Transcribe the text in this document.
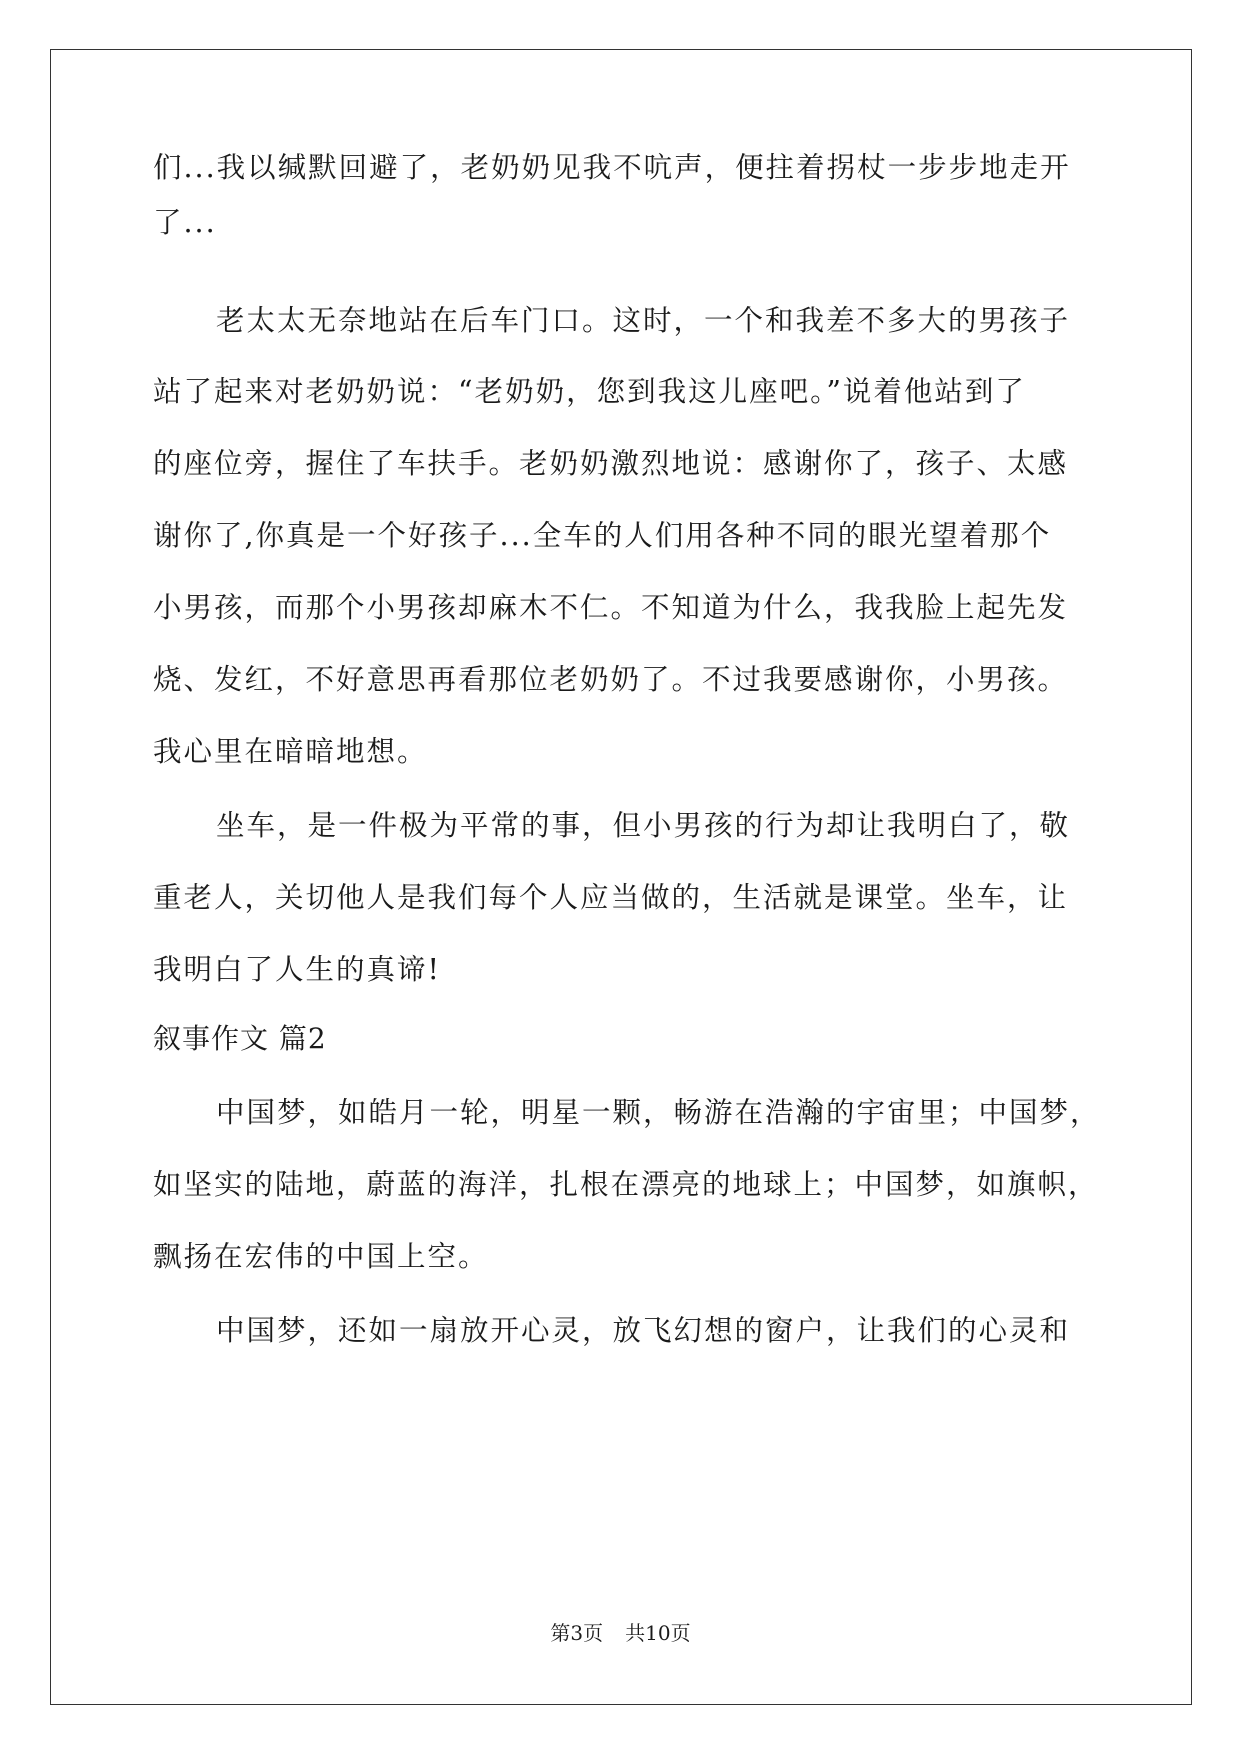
们...我以缄默回避了，老奶奶见我不吭声，便拄着拐杖一步步地走开
了...
老太太无奈地站在后车门口。这时，一个和我差不多大的男孩子
站了起来对老奶奶说：“老奶奶，您到我这儿座吧。”说着他站到了
的座位旁，握住了车扶手。老奶奶激烈地说：感谢你了，孩子、太感
谢你了,你真是一个好孩子...全车的人们用各种不同的眼光望着那个
小男孩，而那个小男孩却麻木不仁。不知道为什么，我我脸上起先发
烧、发红，不好意思再看那位老奶奶了。不过我要感谢你，小男孩。
我心里在暗暗地想。
坐车，是一件极为平常的事，但小男孩的行为却让我明白了，敬
重老人，关切他人是我们每个人应当做的，生活就是课堂。坐车，让
我明白了人生的真谛!
叙事作文 篇2
中国梦，如皓月一轮，明星一颗，畅游在浩瀚的宇宙里；中国梦，
如坚实的陆地，蔚蓝的海洋，扎根在漂亮的地球上；中国梦，如旗帜，
飘扬在宏伟的中国上空。
中国梦，还如一扇放开心灵，放飞幻想的窗户，让我们的心灵和
第3页 共10页
